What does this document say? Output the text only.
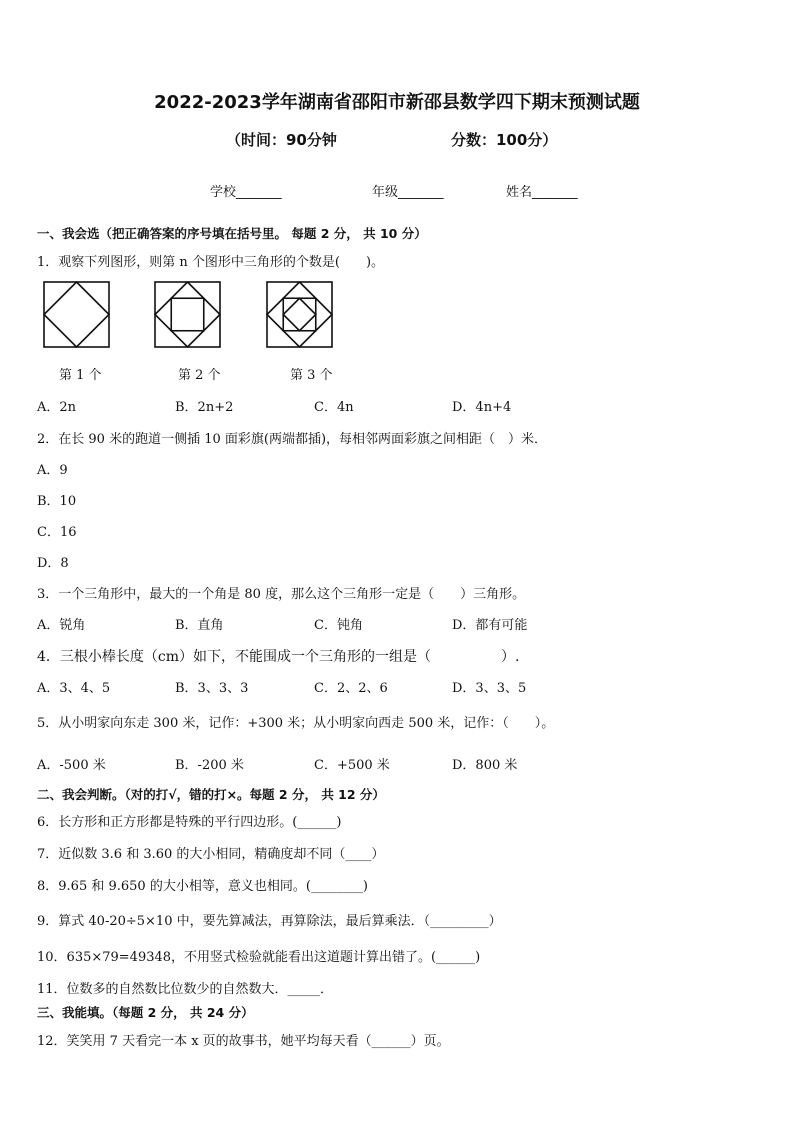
2022-2023学年湖南省邵阳市新邵县数学四下期末预测试题
（时间：90分钟	分数：100分）
学校_______	年级_______	姓名_______
一、我会选（把正确答案的序号填在括号里。 每题 2 分， 共 10 分）
1．观察下列图形，则第 n 个图形中三角形的个数是(　　)。
第 1 个	第 2 个	第 3 个
A．2n	B．2n+2	C．4n	D．4n+4
2．在长 90 米的跑道一侧插 10 面彩旗(两端都插)，每相邻两面彩旗之间相距（　）米．
A．9
B．10
C．16
D．8
3．一个三角形中，最大的一个角是 80 度，那么这个三角形一定是（　　）三角形。
A．锐角	B．直角	C．钝角	D．都有可能
4．三根小棒长度（cm）如下，不能围成一个三角形的一组是（　　　　　）.
A．3、4、5	B．3、3、3	C．2、2、6	D．3、3、5
5．从小明家向东走 300 米，记作：+300 米；从小明家向西走 500 米，记作：（　　）。
A．-500 米	B．-200 米	C．+500 米	D．800 米
二、我会判断。（对的打√，错的打×。每题 2 分， 共 12 分）
6．长方形和正方形都是特殊的平行四边形。(______)
7．近似数 3.6 和 3.60 的大小相同，精确度却不同（____）
8．9.65 和 9.650 的大小相等，意义也相同。(________)
9．算式 40-20÷5×10 中，要先算减法，再算除法，最后算乘法．（_________）
10．635×79=49348，不用竖式检验就能看出这道题计算出错了。(______)
11．位数多的自然数比位数少的自然数大．_____．
三、我能填。（每题 2 分， 共 24 分）
12．笑笑用 7 天看完一本 x 页的故事书，她平均每天看（______）页。
